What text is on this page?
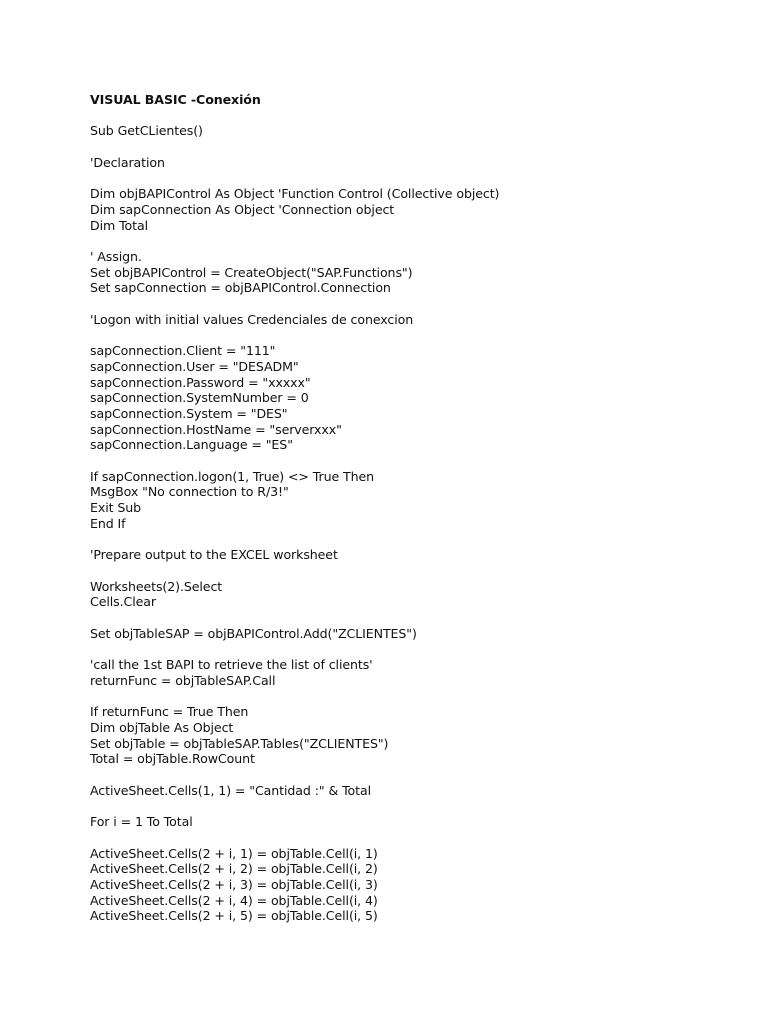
VISUAL BASIC -Conexión
Sub GetCLientes()
'Declaration
Dim objBAPIControl As Object 'Function Control (Collective object)
Dim sapConnection As Object 'Connection object
Dim Total
' Assign.
Set objBAPIControl = CreateObject("SAP.Functions")
Set sapConnection = objBAPIControl.Connection
'Logon with initial values Credenciales de conexcion
sapConnection.Client = "111"
sapConnection.User = "DESADM"
sapConnection.Password = "xxxxx"
sapConnection.SystemNumber = 0
sapConnection.System = "DES"
sapConnection.HostName = "serverxxx"
sapConnection.Language = "ES"
If sapConnection.logon(1, True) <> True Then
MsgBox "No connection to R/3!"
Exit Sub
End If
'Prepare output to the EXCEL worksheet
Worksheets(2).Select
Cells.Clear
Set objTableSAP = objBAPIControl.Add("ZCLIENTES")
'call the 1st BAPI to retrieve the list of clients'
returnFunc = objTableSAP.Call
If returnFunc = True Then
Dim objTable As Object
Set objTable = objTableSAP.Tables("ZCLIENTES")
Total = objTable.RowCount
ActiveSheet.Cells(1, 1) = "Cantidad :" & Total
For i = 1 To Total
ActiveSheet.Cells(2 + i, 1) = objTable.Cell(i, 1)
ActiveSheet.Cells(2 + i, 2) = objTable.Cell(i, 2)
ActiveSheet.Cells(2 + i, 3) = objTable.Cell(i, 3)
ActiveSheet.Cells(2 + i, 4) = objTable.Cell(i, 4)
ActiveSheet.Cells(2 + i, 5) = objTable.Cell(i, 5)
